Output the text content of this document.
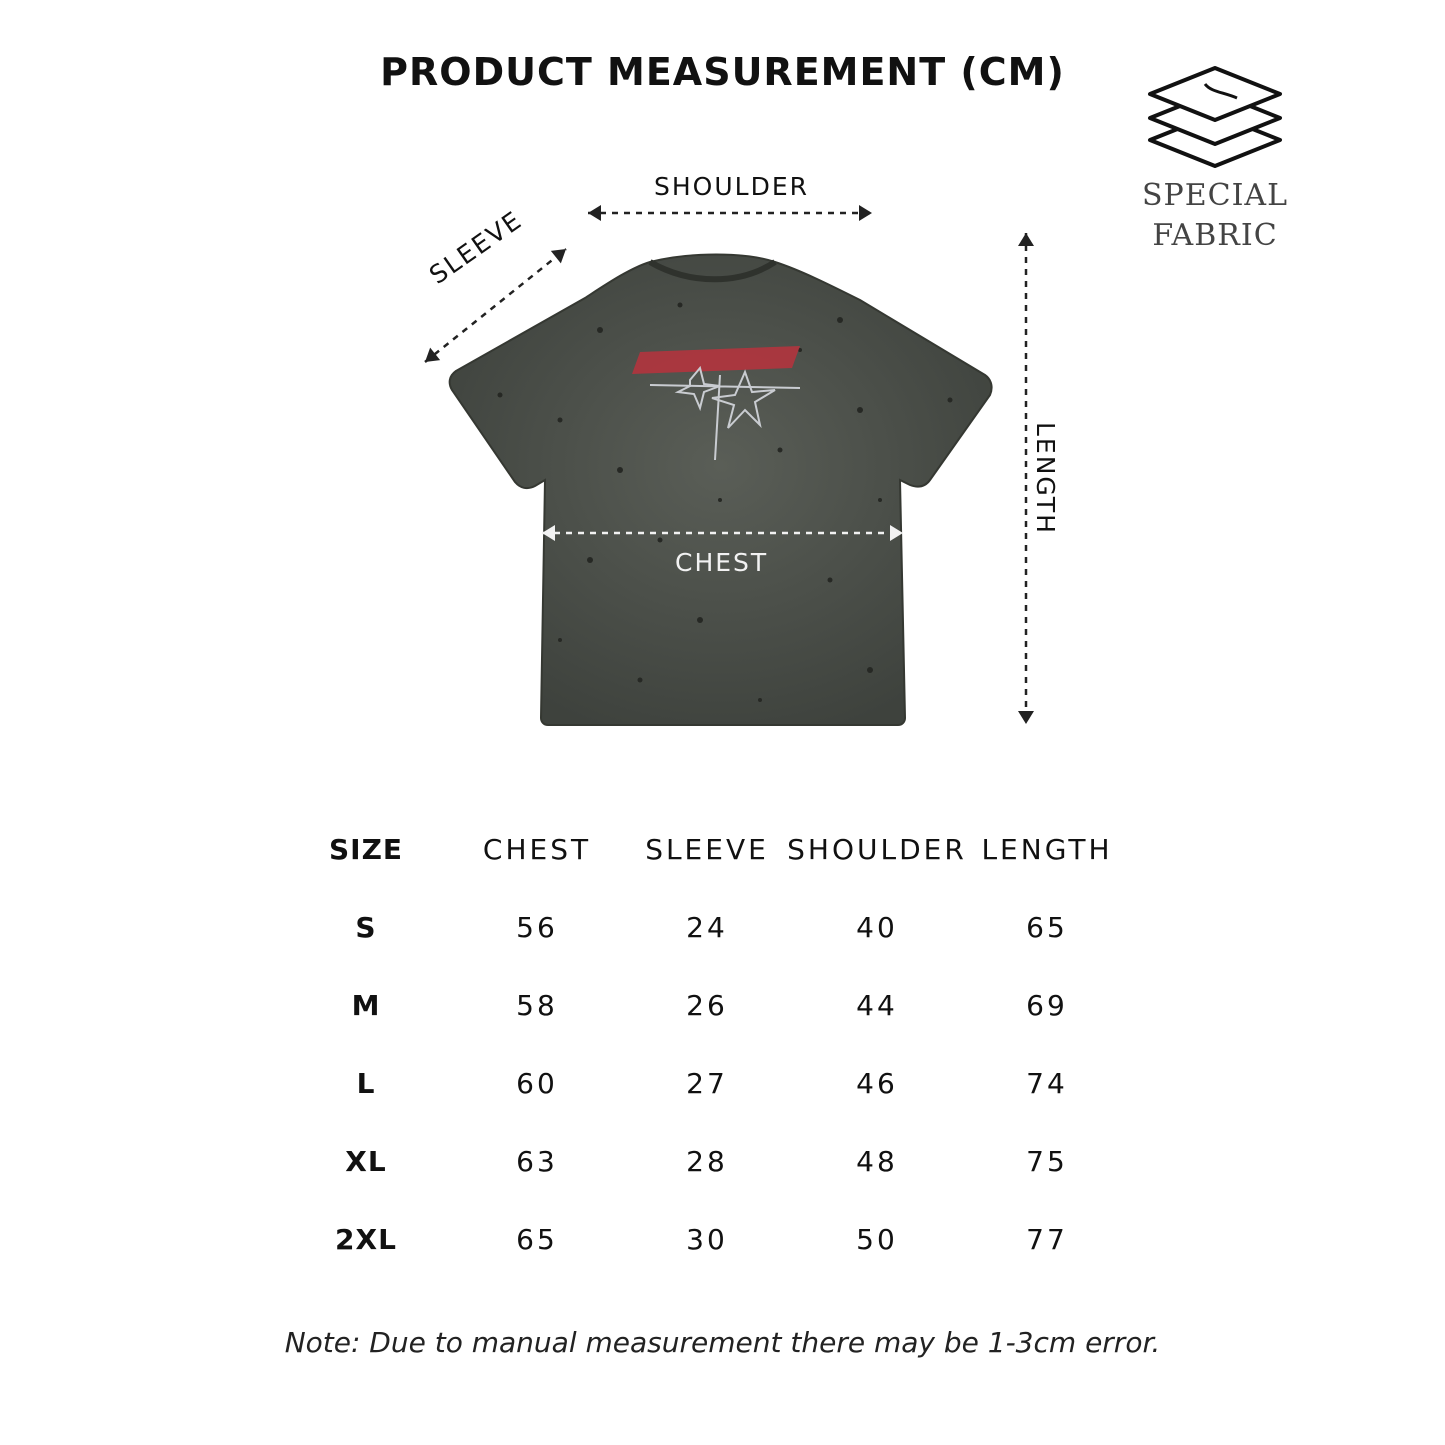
PRODUCT MEASUREMENT (CM)
SPECIAL
FABRIC
SHOULDER
SLEEVE
CHEST
LENGTH
SIZE	CHEST	SLEEVE	SHOULDER	LENGTH
S	56	24	40	65
M	58	26	44	69
L	60	27	46	74
XL	63	28	48	75
2XL	65	30	50	77
Note: Due to manual measurement there may be 1-3cm error.
